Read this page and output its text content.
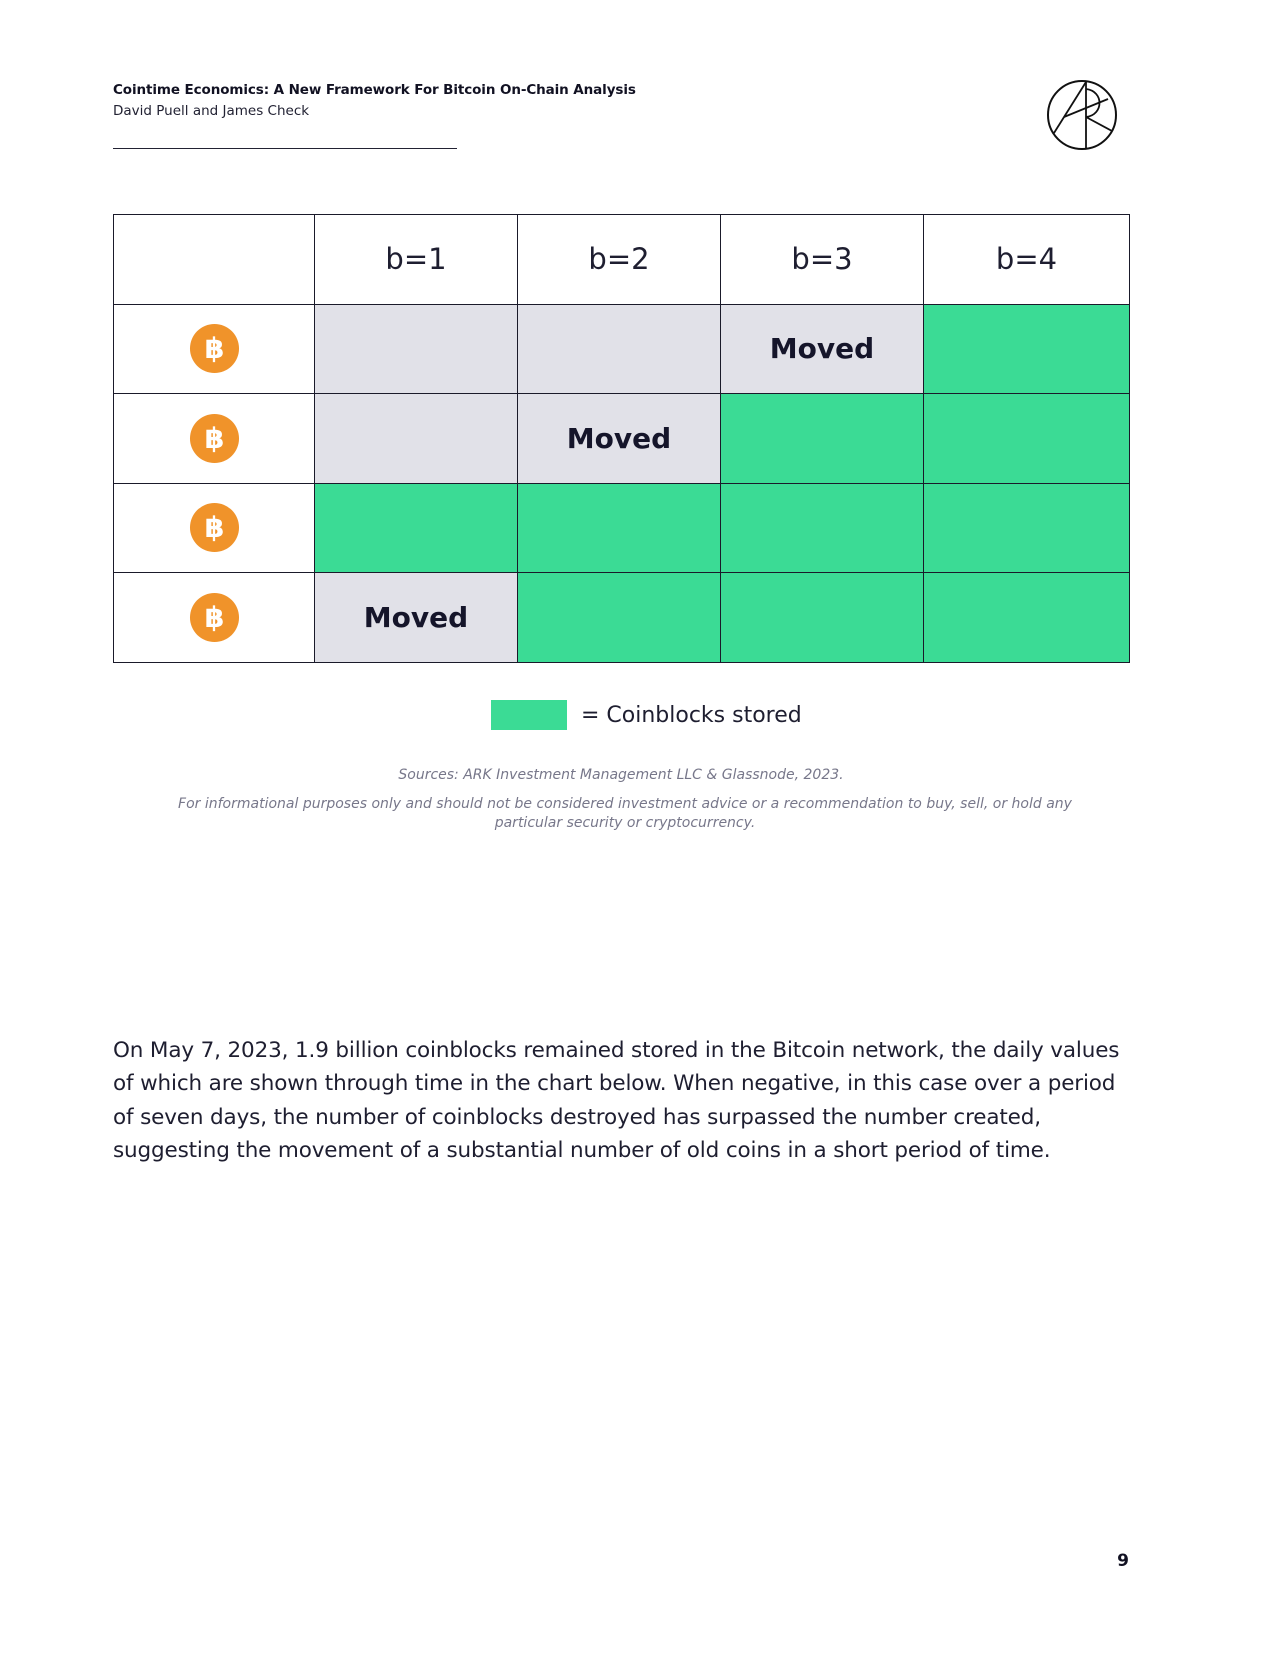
Cointime Economics: A New Framework For Bitcoin On-Chain Analysis
David Puell and James Check
	b=1	b=2	b=3	b=4

฿			Moved	

฿		Moved		

฿				

฿	Moved			
= Coinblocks stored
Sources: ARK Investment Management LLC & Glassnode, 2023.
For informational purposes only and should not be considered investment advice or a recommendation to buy, sell, or hold any particular security or cryptocurrency.

On May 7, 2023, 1.9 billion coinblocks remained stored in the Bitcoin network, the daily values of which are shown through time in the chart below. When negative, in this case over a period of seven days, the number of coinblocks destroyed has surpassed the number created, suggesting the movement of a substantial number of old coins in a short period of time.

9
